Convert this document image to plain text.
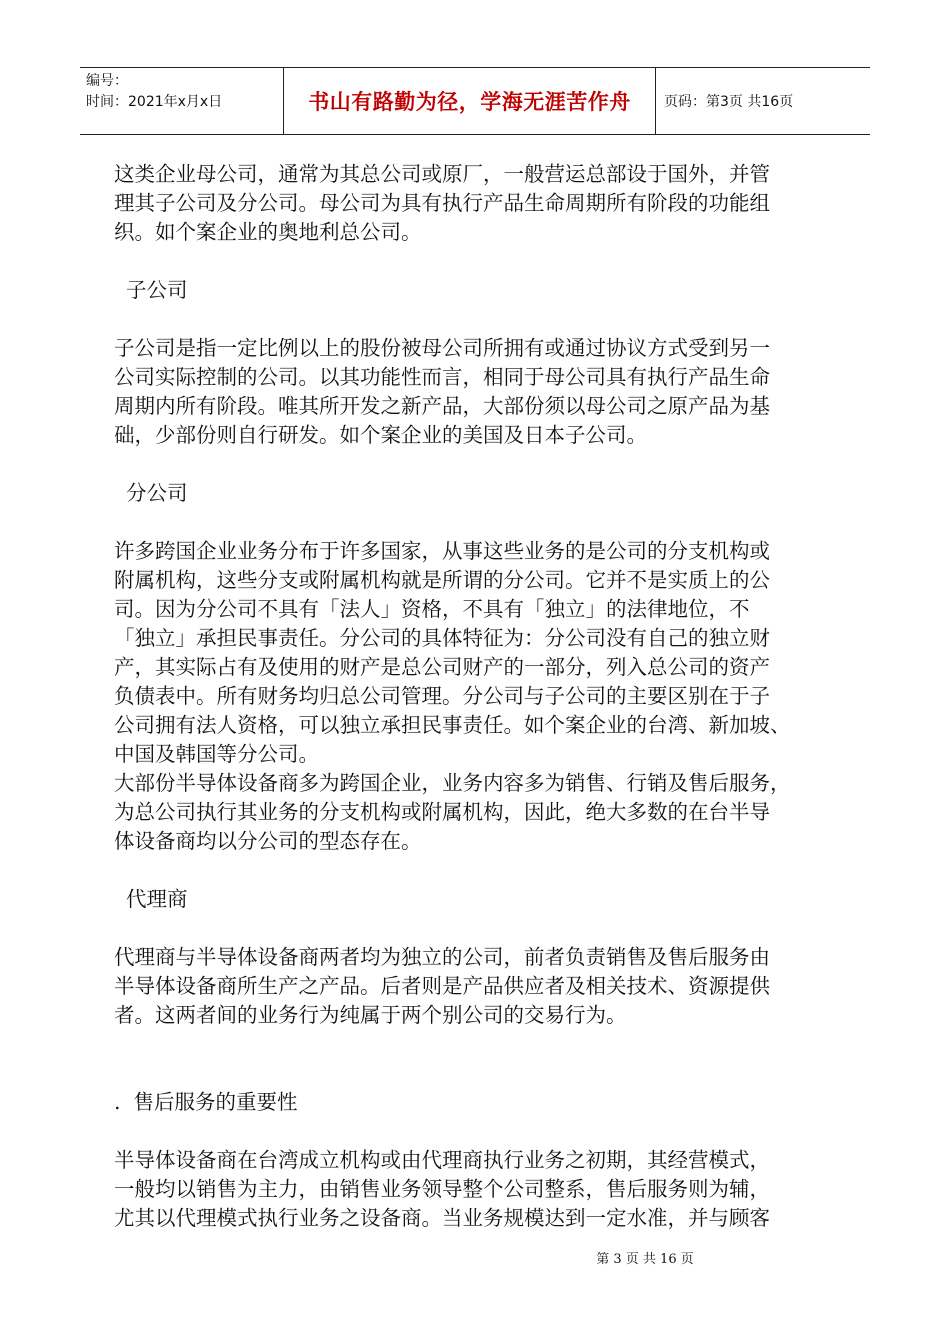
编号：
时间：2021年x月x日	书山有路勤为径，学海无涯苦作舟	页码：第3页 共16页

这类企业母公司，通常为其总公司或原厂，一般营运总部设于国外，并管

理其子公司及分公司。母公司为具有执行产品生命周期所有阶段的功能组

织。如个案企业的奥地利总公司。

子公司

子公司是指一定比例以上的股份被母公司所拥有或通过协议方式受到另一

公司实际控制的公司。以其功能性而言，相同于母公司具有执行产品生命

周期内所有阶段。唯其所开发之新产品，大部份须以母公司之原产品为基

础，少部份则自行研发。如个案企业的美国及日本子公司。

分公司

许多跨国企业业务分布于许多国家，从事这些业务的是公司的分支机构或

附属机构，这些分支或附属机构就是所谓的分公司。它并不是实质上的公

司。因为分公司不具有「法人」资格，不具有「独立」的法律地位，不

「独立」承担民事责任。分公司的具体特征为：分公司没有自己的独立财

产，其实际占有及使用的财产是总公司财产的一部分，列入总公司的资产

负债表中。所有财务均归总公司管理。分公司与子公司的主要区别在于子

公司拥有法人资格，可以独立承担民事责任。如个案企业的台湾、新加坡、

中国及韩国等分公司。

大部份半导体设备商多为跨国企业，业务内容多为销售、行销及售后服务，

为总公司执行其业务的分支机构或附属机构，因此，绝大多数的在台半导

体设备商均以分公司的型态存在。

代理商

代理商与半导体设备商两者均为独立的公司，前者负责销售及售后服务由

半导体设备商所生产之产品。后者则是产品供应者及相关技术、资源提供

者。这两者间的业务行为纯属于两个别公司的交易行为。

.  售后服务的重要性

半导体设备商在台湾成立机构或由代理商执行业务之初期，其经营模式，

一般均以销售为主力，由销售业务领导整个公司整系，售后服务则为辅，

尤其以代理模式执行业务之设备商。当业务规模达到一定水准，并与顾客

第 3 页 共 16 页
